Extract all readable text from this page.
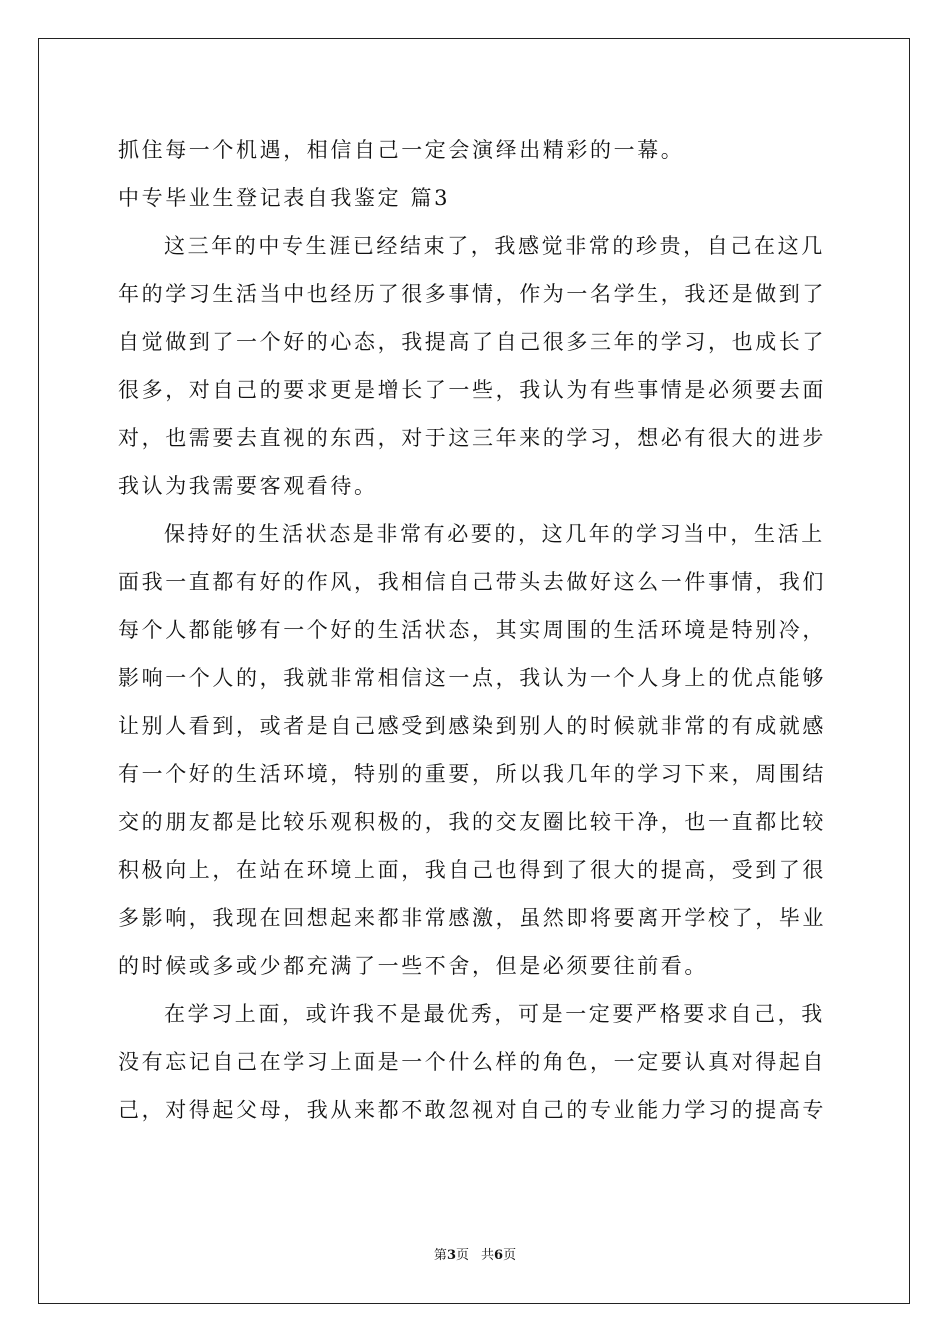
抓住每一个机遇，相信自己一定会演绎出精彩的一幕。

中专毕业生登记表自我鉴定 篇3

这三年的中专生涯已经结束了，我感觉非常的珍贵，自己在这几年的学习生活当中也经历了很多事情，作为一名学生，我还是做到了自觉做到了一个好的心态，我提高了自己很多三年的学习，也成长了很多，对自己的要求更是增长了一些，我认为有些事情是必须要去面对，也需要去直视的东西，对于这三年来的学习，想必有很大的进步我认为我需要客观看待。

保持好的生活状态是非常有必要的，这几年的学习当中，生活上面我一直都有好的作风，我相信自己带头去做好这么一件事情，我们每个人都能够有一个好的生活状态，其实周围的生活环境是特别冷，影响一个人的，我就非常相信这一点，我认为一个人身上的优点能够让别人看到，或者是自己感受到感染到别人的时候就非常的有成就感有一个好的生活环境，特别的重要，所以我几年的学习下来，周围结交的朋友都是比较乐观积极的，我的交友圈比较干净，也一直都比较积极向上，在站在环境上面，我自己也得到了很大的提高，受到了很多影响，我现在回想起来都非常感激，虽然即将要离开学校了，毕业的时候或多或少都充满了一些不舍，但是必须要往前看。

在学习上面，或许我不是最优秀，可是一定要严格要求自己，我没有忘记自己在学习上面是一个什么样的角色，一定要认真对得起自己，对得起父母，我从来都不敢忽视对自己的专业能力学习的提高专

第3页 共6页
